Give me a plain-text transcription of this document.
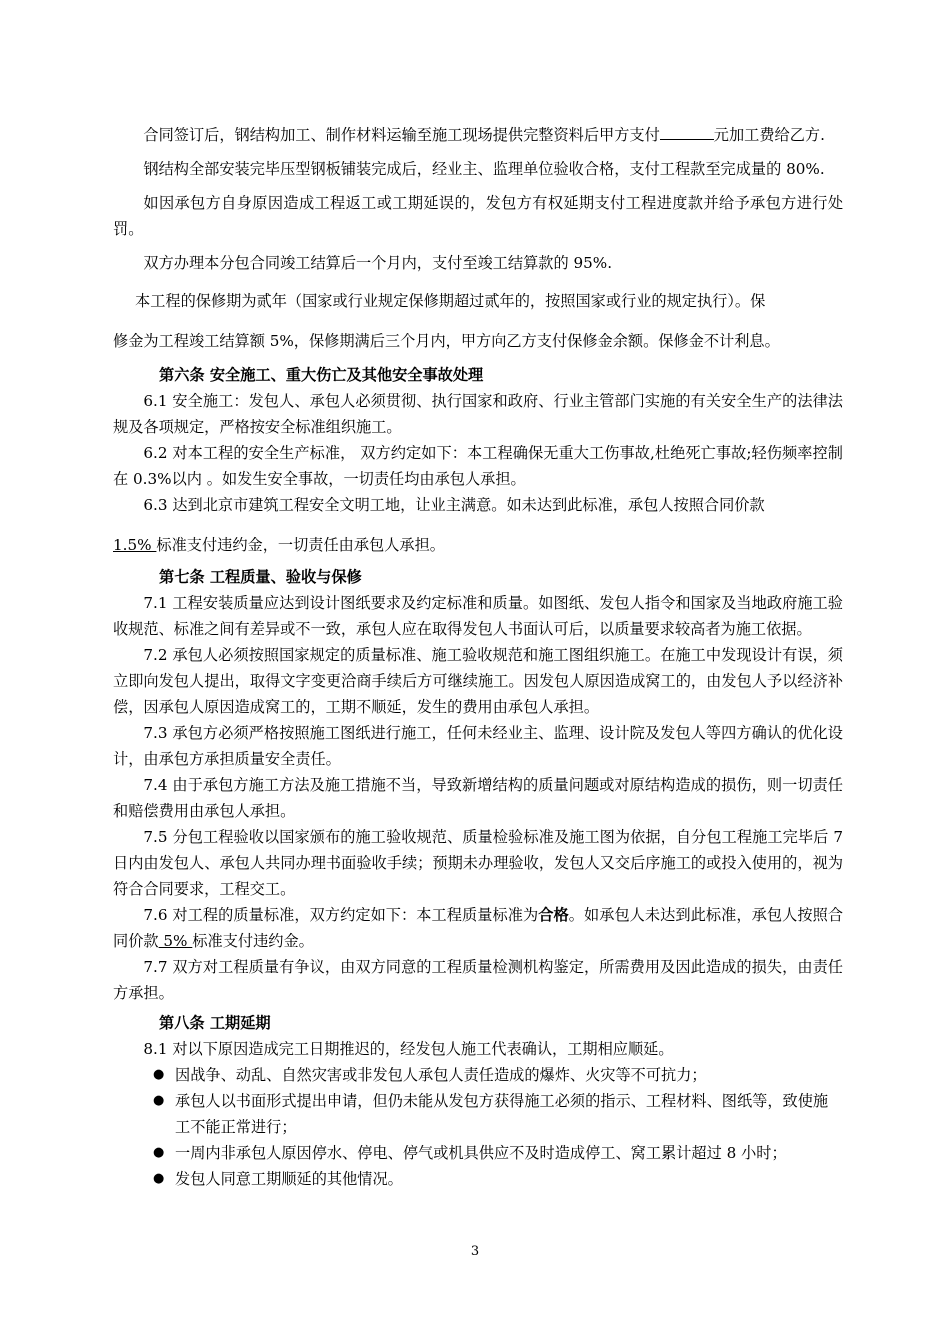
合同签订后，钢结构加工、制作材料运输至施工现场提供完整资料后甲方支付	元加工费给乙方.

钢结构全部安装完毕压型钢板铺装完成后，经业主、监理单位验收合格，支付工程款至完成量的 80%.

如因承包方自身原因造成工程返工或工期延误的，发包方有权延期支付工程进度款并给予承包方进行处罚。

双方办理本分包合同竣工结算后一个月内，支付至竣工结算款的 95%.

本工程的保修期为贰年（国家或行业规定保修期超过贰年的，按照国家或行业的规定执行）。保

修金为工程竣工结算额 5%，保修期满后三个月内，甲方向乙方支付保修金余额。保修金不计利息。

第六条 安全施工、重大伤亡及其他安全事故处理

6.1 安全施工：发包人、承包人必须贯彻、执行国家和政府、行业主管部门实施的有关安全生产的法律法规及各项规定，严格按安全标准组织施工。

6.2 对本工程的安全生产标准， 双方约定如下：本工程确保无重大工伤事故,杜绝死亡事故;轻伤频率控制在 0.3%以内 。如发生安全事故，一切责任均由承包人承担。

6.3 达到北京市建筑工程安全文明工地，让业主满意。如未达到此标准，承包人按照合同价款

1.5% 标准支付违约金，一切责任由承包人承担。

第七条 工程质量、验收与保修

7.1 工程安装质量应达到设计图纸要求及约定标准和质量。如图纸、发包人指令和国家及当地政府施工验收规范、标准之间有差异或不一致，承包人应在取得发包人书面认可后，以质量要求较高者为施工依据。

7.2 承包人必须按照国家规定的质量标准、施工验收规范和施工图组织施工。在施工中发现设计有误，须立即向发包人提出，取得文字变更洽商手续后方可继续施工。因发包人原因造成窝工的，由发包人予以经济补偿，因承包人原因造成窝工的，工期不顺延，发生的费用由承包人承担。

7.3 承包方必须严格按照施工图纸进行施工，任何未经业主、监理、设计院及发包人等四方确认的优化设计，由承包方承担质量安全责任。

7.4 由于承包方施工方法及施工措施不当，导致新增结构的质量问题或对原结构造成的损伤，则一切责任和赔偿费用由承包人承担。

7.5 分包工程验收以国家颁布的施工验收规范、质量检验标准及施工图为依据，自分包工程施工完毕后 7 日内由发包人、承包人共同办理书面验收手续；预期未办理验收，发包人又交后序施工的或投入使用的，视为符合合同要求，工程交工。

7.6 对工程的质量标准，双方约定如下：本工程质量标准为合格。如承包人未达到此标准，承包人按照合同价款 5% 标准支付违约金。

7.7 双方对工程质量有争议，由双方同意的工程质量检测机构鉴定，所需费用及因此造成的损失，由责任方承担。

第八条 工期延期

8.1 对以下原因造成完工日期推迟的，经发包人施工代表确认，工期相应顺延。

● 因战争、动乱、自然灾害或非发包人承包人责任造成的爆炸、火灾等不可抗力；
● 承包人以书面形式提出申请，但仍未能从发包方获得施工必须的指示、工程材料、图纸等，致使施工不能正常进行；
● 一周内非承包人原因停水、停电、停气或机具供应不及时造成停工、窝工累计超过 8 小时；
● 发包人同意工期顺延的其他情况。
3
